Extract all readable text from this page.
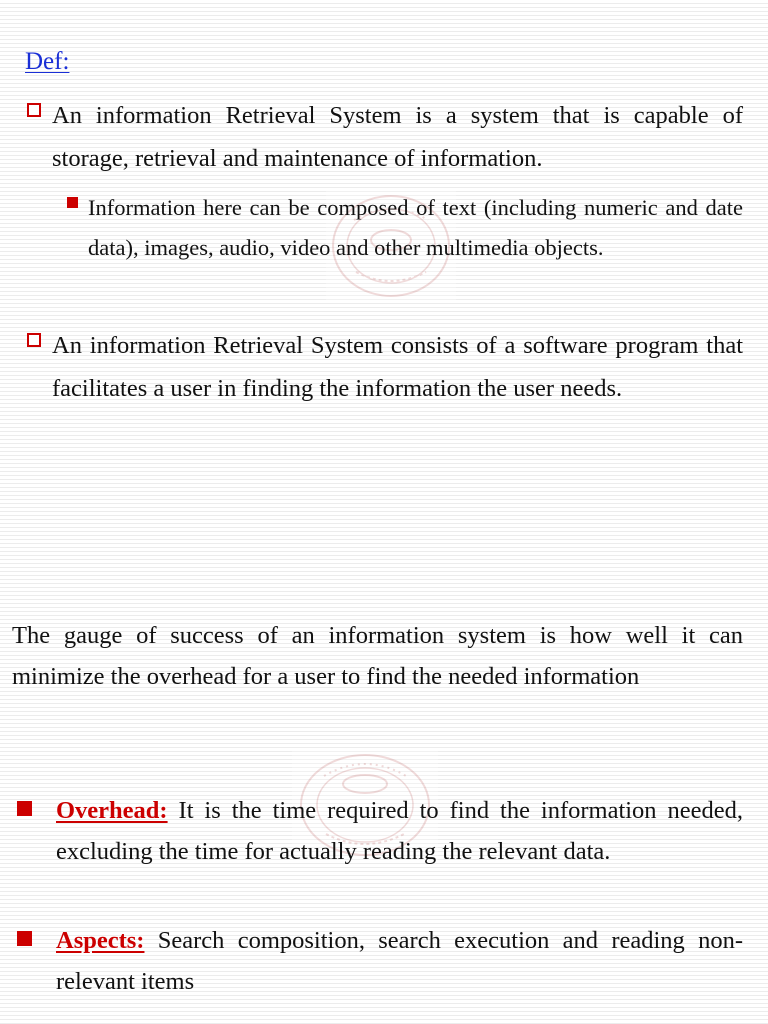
Def:
An information Retrieval System is a system that is capable of storage, retrieval and maintenance of information.
Information here can be composed of text (including numeric and date data), images, audio, video and other multimedia objects.
An information Retrieval System consists of a software program that facilitates a user in finding the information the user needs.

The gauge of success of an information system is how well it can minimize the overhead for a user to find the needed information

Overhead: It is the time required to find the information needed, excluding the time for actually reading the relevant data.
Aspects: Search composition, search execution and reading non-relevant items
